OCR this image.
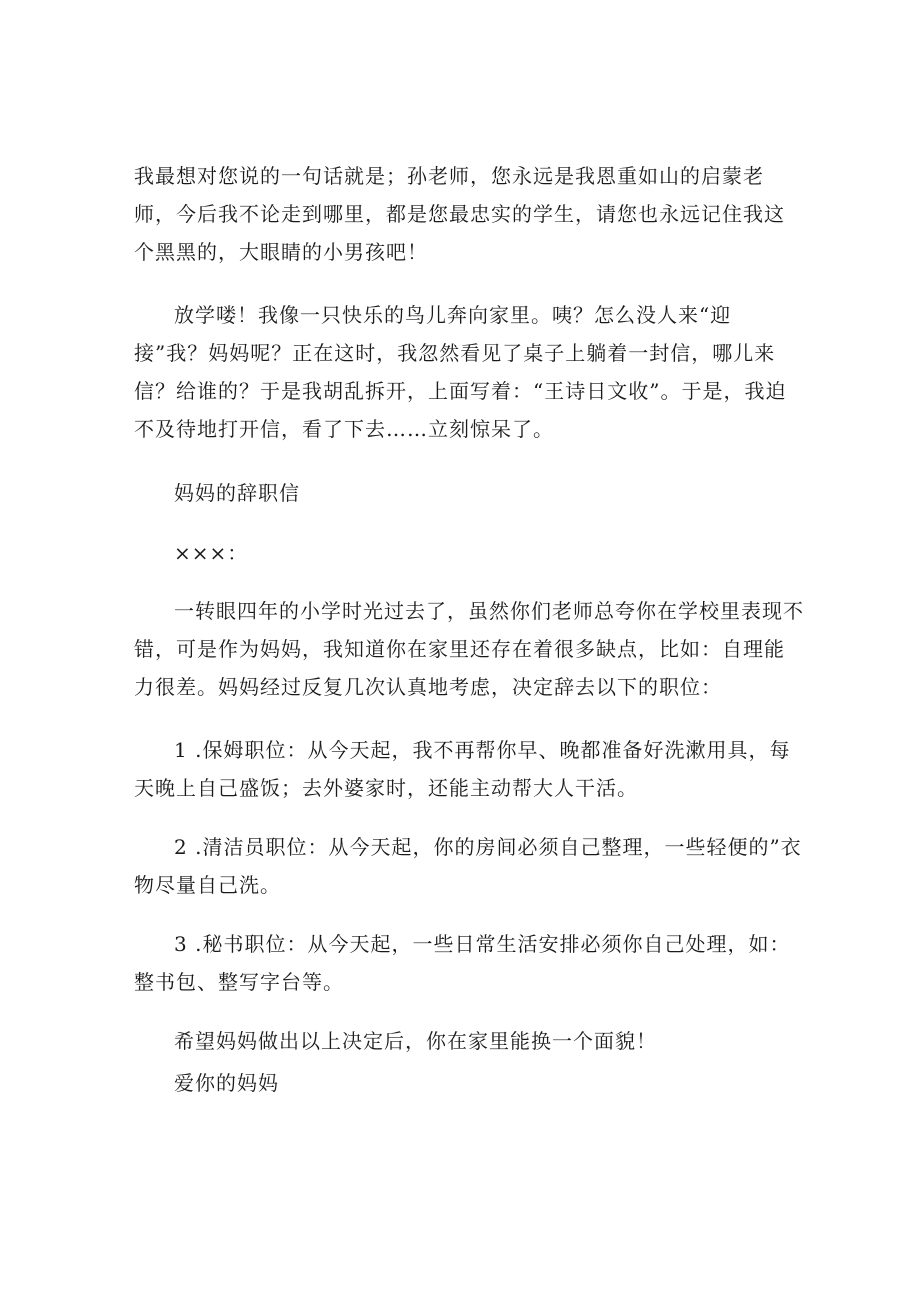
我最想对您说的一句话就是；孙老师，您永远是我恩重如山的启蒙老师，今后我不论走到哪里，都是您最忠实的学生，请您也永远记住我这个黑黑的，大眼睛的小男孩吧！

放学喽！我像一只快乐的鸟儿奔向家里。咦？怎么没人来“迎接”我？妈妈呢？正在这时，我忽然看见了桌子上躺着一封信，哪儿来信？给谁的？于是我胡乱拆开，上面写着：“王诗日文收”。于是，我迫不及待地打开信，看了下去……立刻惊呆了。

妈妈的辞职信

×××：

一转眼四年的小学时光过去了，虽然你们老师总夸你在学校里表现不错，可是作为妈妈，我知道你在家里还存在着很多缺点，比如：自理能力很差。妈妈经过反复几次认真地考虑，决定辞去以下的职位：

1 .保姆职位：从今天起，我不再帮你早、晚都准备好洗漱用具，每天晚上自己盛饭；去外婆家时，还能主动帮大人干活。

2 .清洁员职位：从今天起，你的房间必须自己整理，一些轻便的”衣物尽量自己洗。

3 .秘书职位：从今天起，一些日常生活安排必须你自己处理，如：整书包、整写字台等。

希望妈妈做出以上决定后，你在家里能换一个面貌！

爱你的妈妈
